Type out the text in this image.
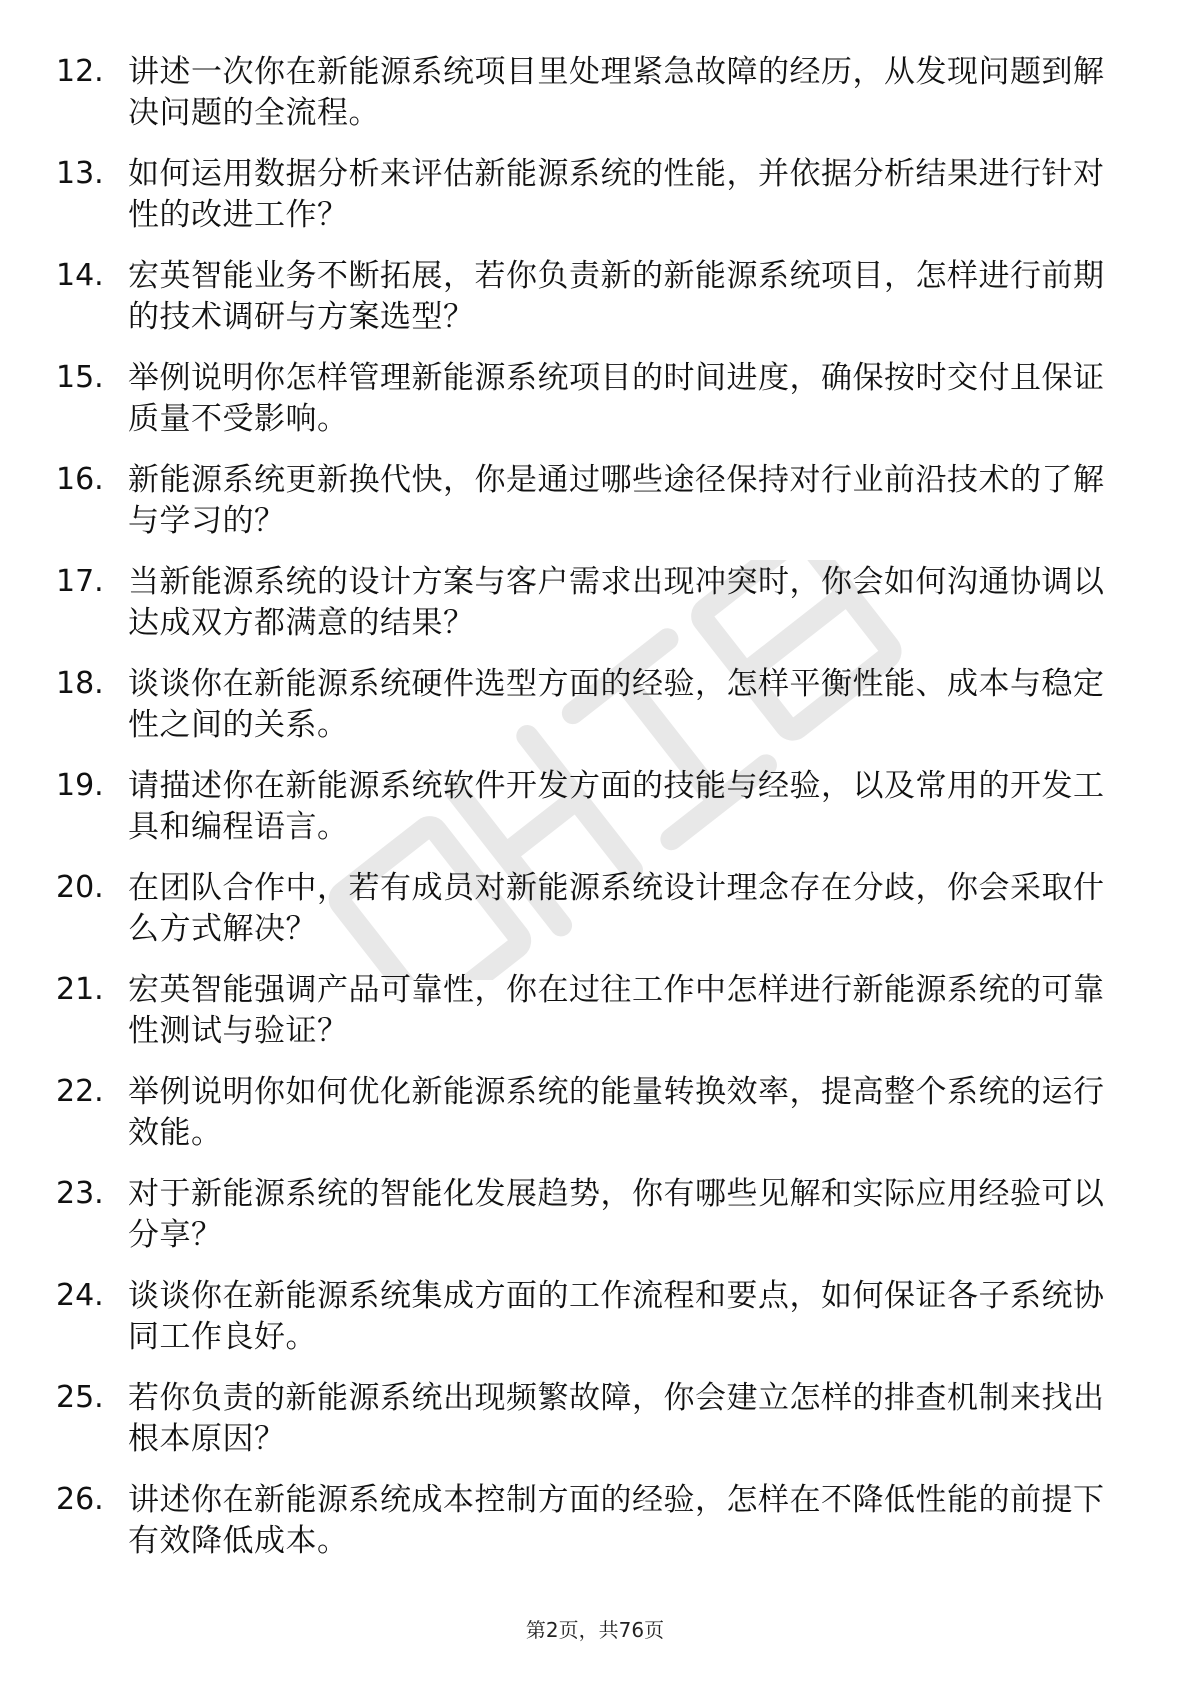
12. 讲述一次你在新能源系统项目里处理紧急故障的经历，从发现问题到解决问题的全流程。
13. 如何运用数据分析来评估新能源系统的性能，并依据分析结果进行针对性的改进工作？
14. 宏英智能业务不断拓展，若你负责新的新能源系统项目，怎样进行前期的技术调研与方案选型？
15. 举例说明你怎样管理新能源系统项目的时间进度，确保按时交付且保证质量不受影响。
16. 新能源系统更新换代快，你是通过哪些途径保持对行业前沿技术的了解与学习的？
17. 当新能源系统的设计方案与客户需求出现冲突时，你会如何沟通协调以达成双方都满意的结果？
18. 谈谈你在新能源系统硬件选型方面的经验，怎样平衡性能、成本与稳定性之间的关系。
19. 请描述你在新能源系统软件开发方面的技能与经验，以及常用的开发工具和编程语言。
20. 在团队合作中，若有成员对新能源系统设计理念存在分歧，你会采取什么方式解决？
21. 宏英智能强调产品可靠性，你在过往工作中怎样进行新能源系统的可靠性测试与验证？
22. 举例说明你如何优化新能源系统的能量转换效率，提高整个系统的运行效能。
23. 对于新能源系统的智能化发展趋势，你有哪些见解和实际应用经验可以分享？
24. 谈谈你在新能源系统集成方面的工作流程和要点，如何保证各子系统协同工作良好。
25. 若你负责的新能源系统出现频繁故障，你会建立怎样的排查机制来找出根本原因？
26. 讲述你在新能源系统成本控制方面的经验，怎样在不降低性能的前提下有效降低成本。
第2页，共76页
